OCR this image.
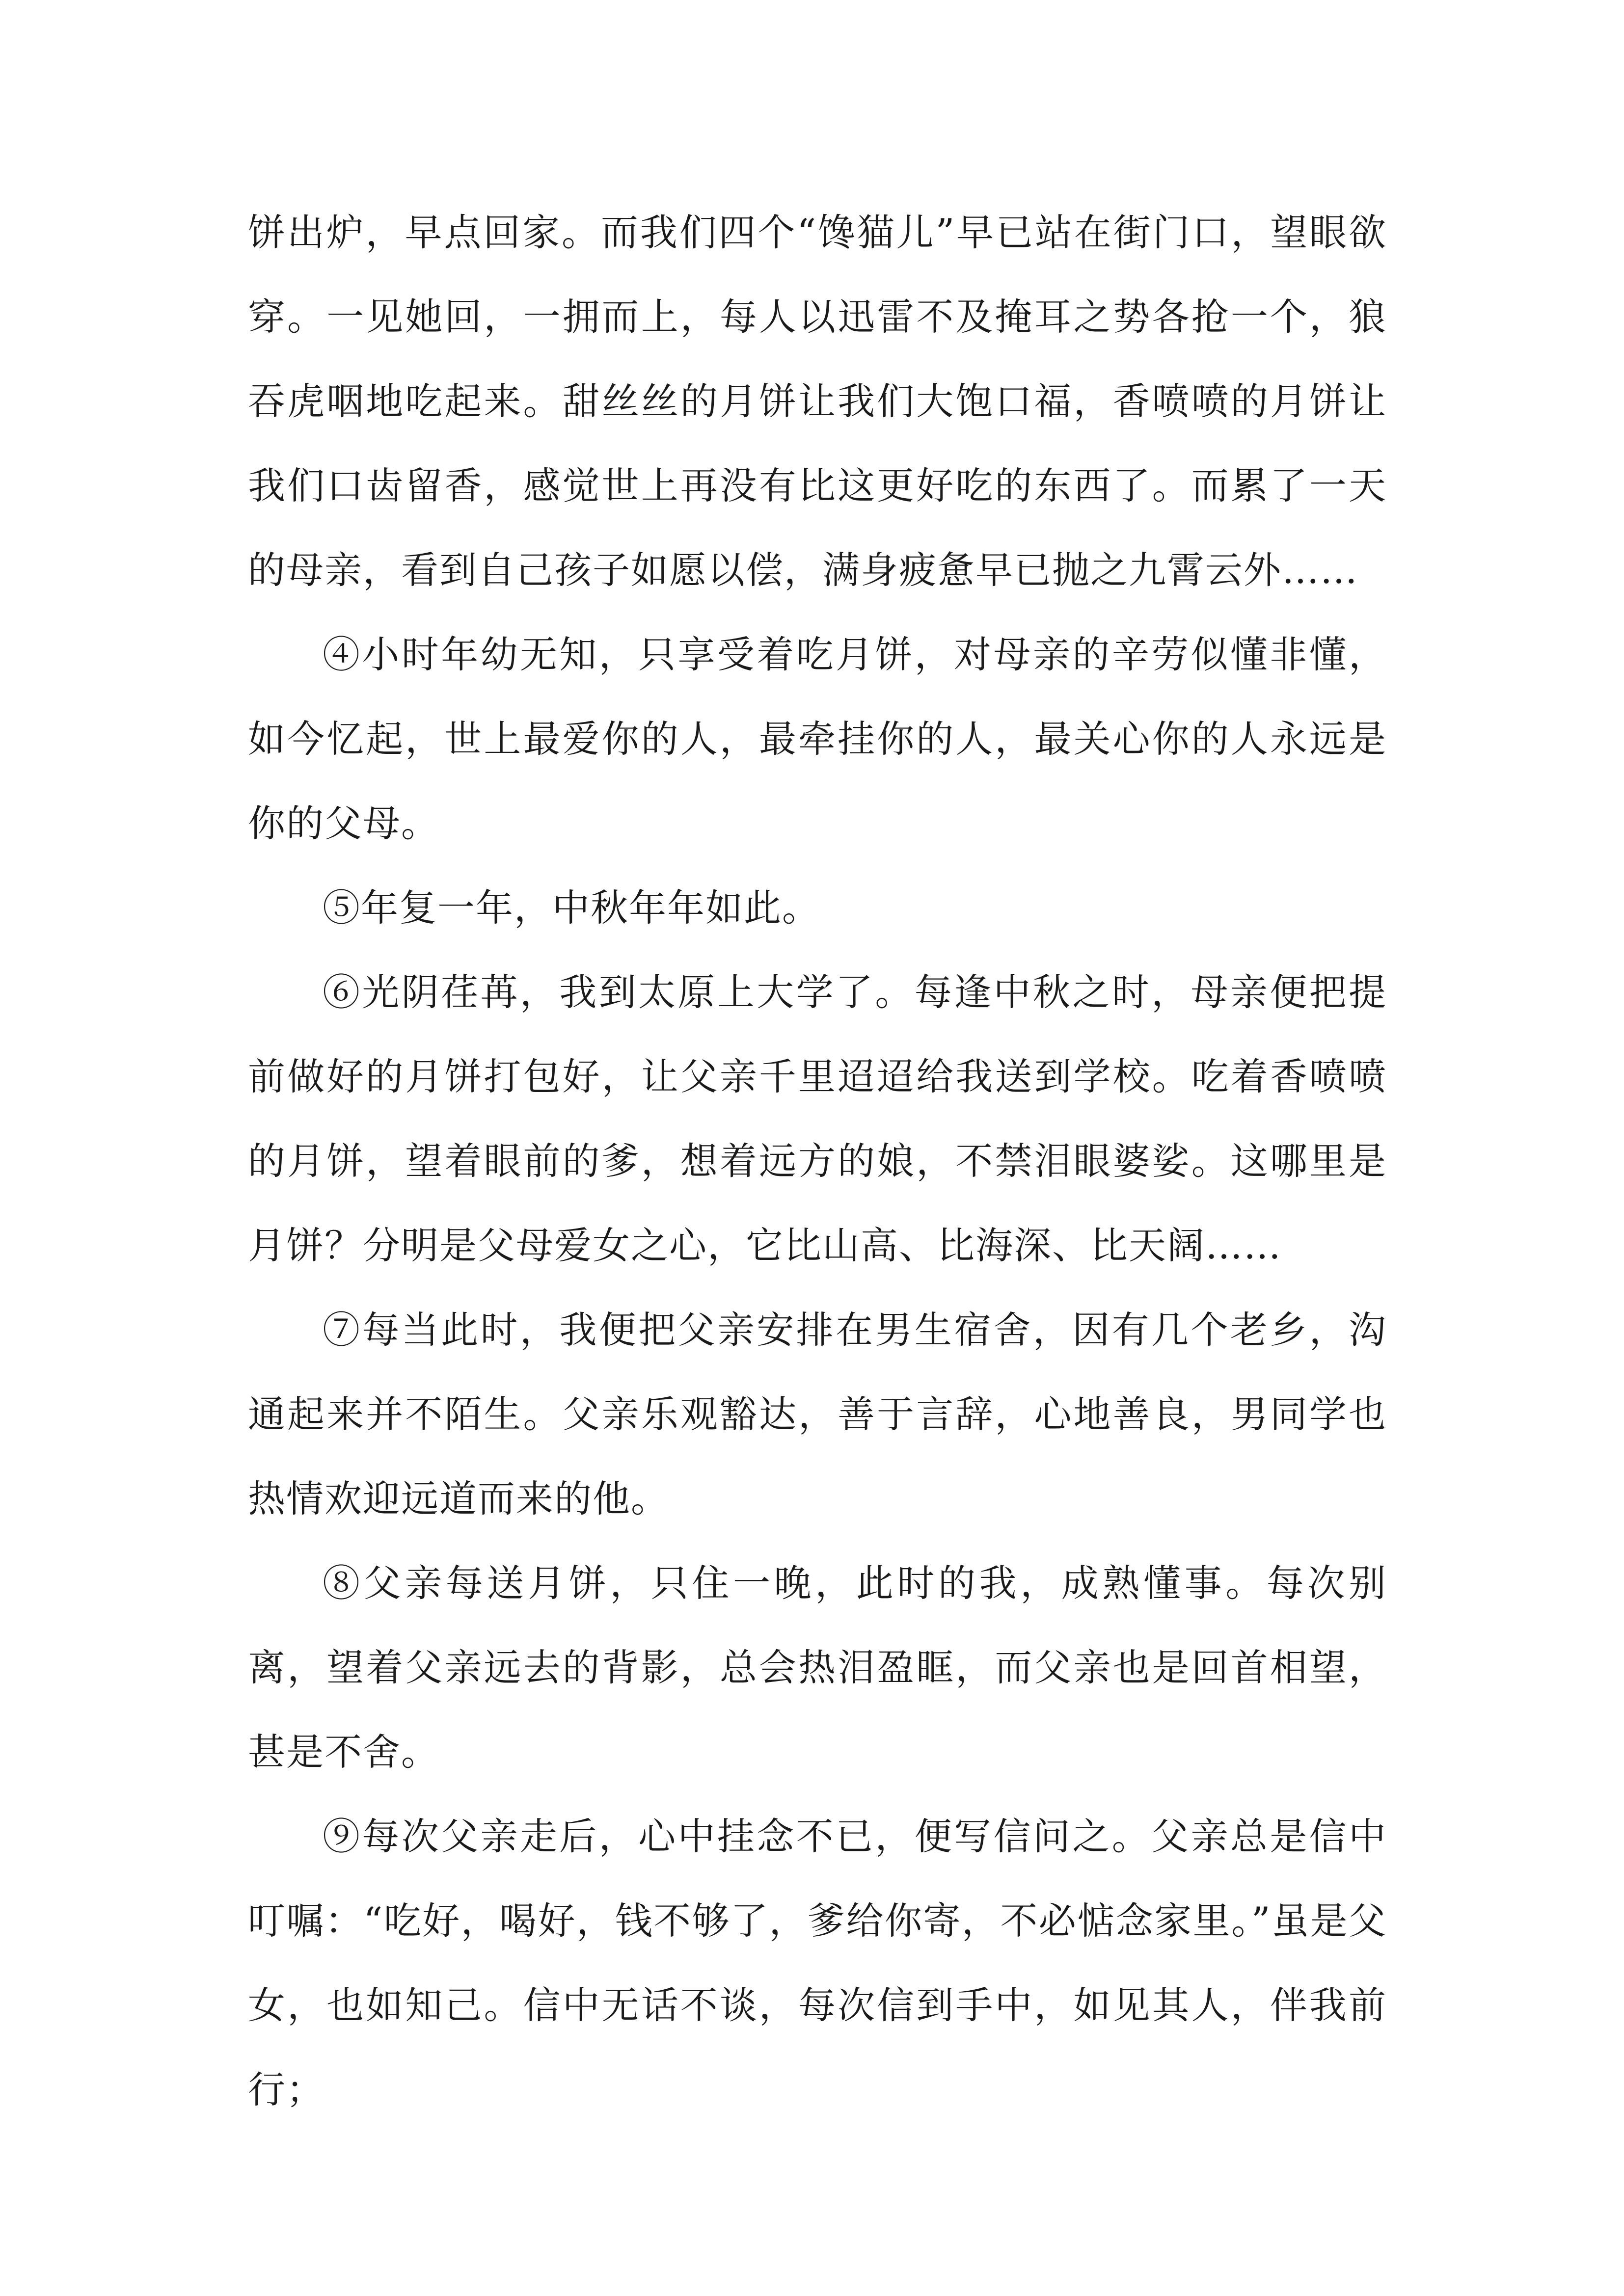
饼出炉，早点回家。而我们四个“馋猫儿”早已站在街门口，望眼欲穿。一见她回，一拥而上，每人以迅雷不及掩耳之势各抢一个，狼吞虎咽地吃起来。甜丝丝的月饼让我们大饱口福，香喷喷的月饼让我们口齿留香，感觉世上再没有比这更好吃的东西了。而累了一天的母亲，看到自己孩子如愿以偿，满身疲惫早已抛之九霄云外……

④小时年幼无知，只享受着吃月饼，对母亲的辛劳似懂非懂，如今忆起，世上最爱你的人，最牵挂你的人，最关心你的人永远是你的父母。

⑤年复一年，中秋年年如此。

⑥光阴荏苒，我到太原上大学了。每逢中秋之时，母亲便把提前做好的月饼打包好，让父亲千里迢迢给我送到学校。吃着香喷喷的月饼，望着眼前的爹，想着远方的娘，不禁泪眼婆娑。这哪里是月饼？分明是父母爱女之心，它比山高、比海深、比天阔……

⑦每当此时，我便把父亲安排在男生宿舍，因有几个老乡，沟通起来并不陌生。父亲乐观豁达，善于言辞，心地善良，男同学也热情欢迎远道而来的他。

⑧父亲每送月饼，只住一晚，此时的我，成熟懂事。每次别离，望着父亲远去的背影，总会热泪盈眶，而父亲也是回首相望，甚是不舍。

⑨每次父亲走后，心中挂念不已，便写信问之。父亲总是信中叮嘱：“吃好，喝好，钱不够了，爹给你寄，不必惦念家里。”虽是父女，也如知己。信中无话不谈，每次信到手中，如见其人，伴我前行；
